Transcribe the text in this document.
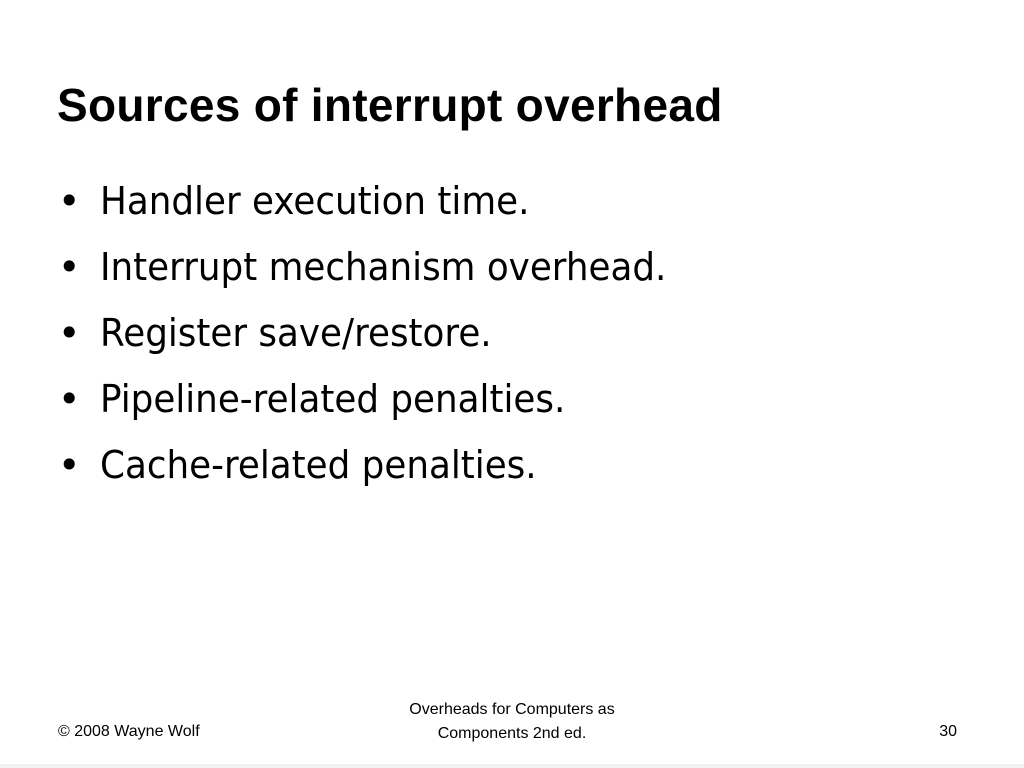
Sources of interrupt overhead
• Handler execution time.
• Interrupt mechanism overhead.
• Register save/restore.
• Pipeline-related penalties.
• Cache-related penalties.
© 2008 Wayne Wolf
Overheads for Computers as
Components 2nd ed.	30
